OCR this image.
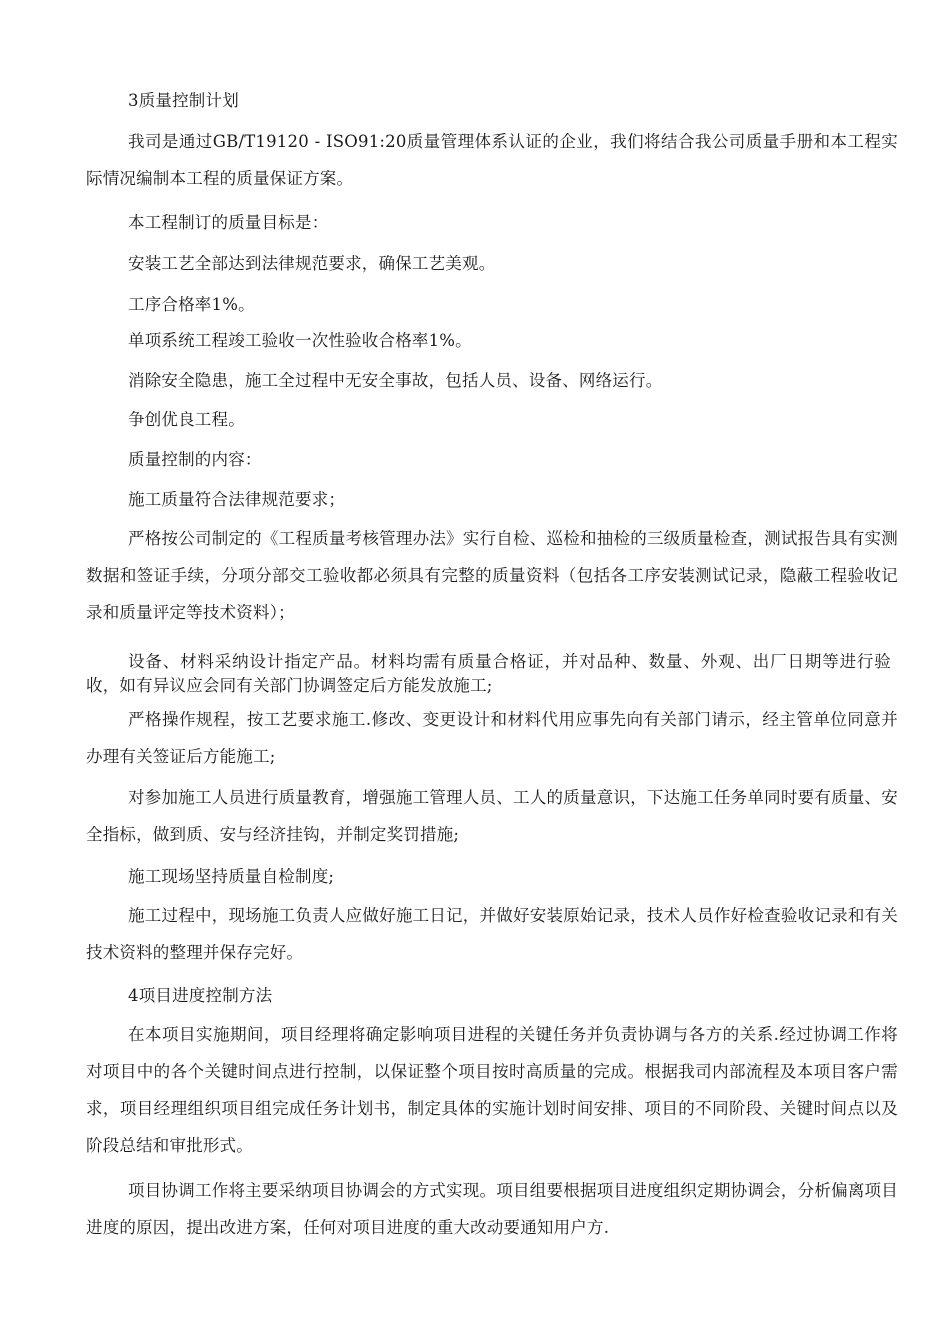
3质量控制计划

我司是通过GB/T19120 - ISO91:20质量管理体系认证的企业，我们将结合我公司质量手册和本工程实际情况编制本工程的质量保证方案。

本工程制订的质量目标是：

安装工艺全部达到法律规范要求，确保工艺美观。

工序合格率1%。

单项系统工程竣工验收一次性验收合格率1%。

消除安全隐患，施工全过程中无安全事故，包括人员、设备、网络运行。

争创优良工程。

质量控制的内容：

施工质量符合法律规范要求；

严格按公司制定的《工程质量考核管理办法》实行自检、巡检和抽检的三级质量检查，测试报告具有实测数据和签证手续，分项分部交工验收都必须具有完整的质量资料（包括各工序安装测试记录，隐蔽工程验收记录和质量评定等技术资料）；

设备、材料采纳设计指定产品。材料均需有质量合格证，并对品种、数量、外观、出厂日期等进行验收，如有异议应会同有关部门协调签定后方能发放施工;

严格操作规程，按工艺要求施工.修改、变更设计和材料代用应事先向有关部门请示，经主管单位同意并办理有关签证后方能施工;

对参加施工人员进行质量教育，增强施工管理人员、工人的质量意识，下达施工任务单同时要有质量、安全指标，做到质、安与经济挂钩，并制定奖罚措施;

施工现场坚持质量自检制度;

施工过程中，现场施工负责人应做好施工日记，并做好安装原始记录，技术人员作好检查验收记录和有关技术资料的整理并保存完好。

4项目进度控制方法

在本项目实施期间，项目经理将确定影响项目进程的关键任务并负责协调与各方的关系.经过协调工作将对项目中的各个关键时间点进行控制，以保证整个项目按时高质量的完成。根据我司内部流程及本项目客户需求，项目经理组织项目组完成任务计划书，制定具体的实施计划时间安排、项目的不同阶段、关键时间点以及阶段总结和审批形式。

项目协调工作将主要采纳项目协调会的方式实现。项目组要根据项目进度组织定期协调会，分析偏离项目进度的原因，提出改进方案，任何对项目进度的重大改动要通知用户方.
